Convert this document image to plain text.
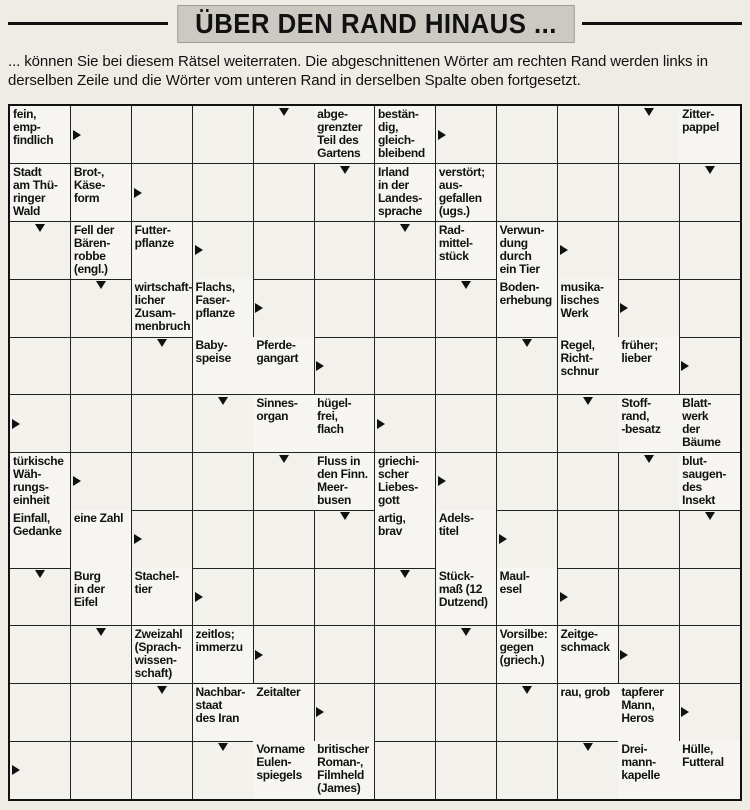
ÜBER DEN RAND HINAUS ...
... können Sie bei diesem Rätsel weiterraten. Die abgeschnittenen Wörter am rechten Rand werden links in derselben Zeile und die Wörter vom unteren Rand in derselben Spalte oben fortgesetzt.
fein,
emp-
findlich
abge-
grenzter
Teil des
Gartens
bestän-
dig,
gleich-
bleibend
Zitter-
pappel
Stadt
am Thü-
ringer
Wald
Brot-,
Käse-
form
Irland
in der
Landes-
sprache
verstört;
aus-
gefallen
(ugs.)
Fell der
Bären-
robbe
(engl.)
Futter-
pflanze
Rad-
mittel-
stück
Verwun-
dung
durch
ein Tier
wirtschaft-
licher
Zusam-
menbruch
Flachs,
Faser-
pflanze
Boden-
erhebung
musika-
lisches
Werk
Baby-
speise
Pferde-
gangart
Regel,
Richt-
schnur
früher;
lieber
Sinnes-
organ
hügel-
frei,
flach
Stoff-
rand,
-besatz
Blatt-
werk
der
Bäume
türkische
Wäh-
rungs-
einheit
Fluss in
den Finn.
Meer-
busen
griechi-
scher
Liebes-
gott
blut-
saugen-
des
Insekt
Einfall,
Gedanke
eine Zahl	artig,
brav
Adels-
titel
Burg
in der
Eifel
Stachel-
tier
Stück-
maß (12
Dutzend)
Maul-
esel
Zweizahl
(Sprach-
wissen-
schaft)
zeitlos;
immerzu
Vorsilbe:
gegen
(griech.)
Zeitge-
schmack
Nachbar-
staat
des Iran
Zeitalter	rau, grob tapferer
Mann,
Heros
Vorname
Eulen-
spiegels
britischer
Roman-,
Filmheld
(James)
Drei-
mann-
kapelle
Hülle,
Futteral
